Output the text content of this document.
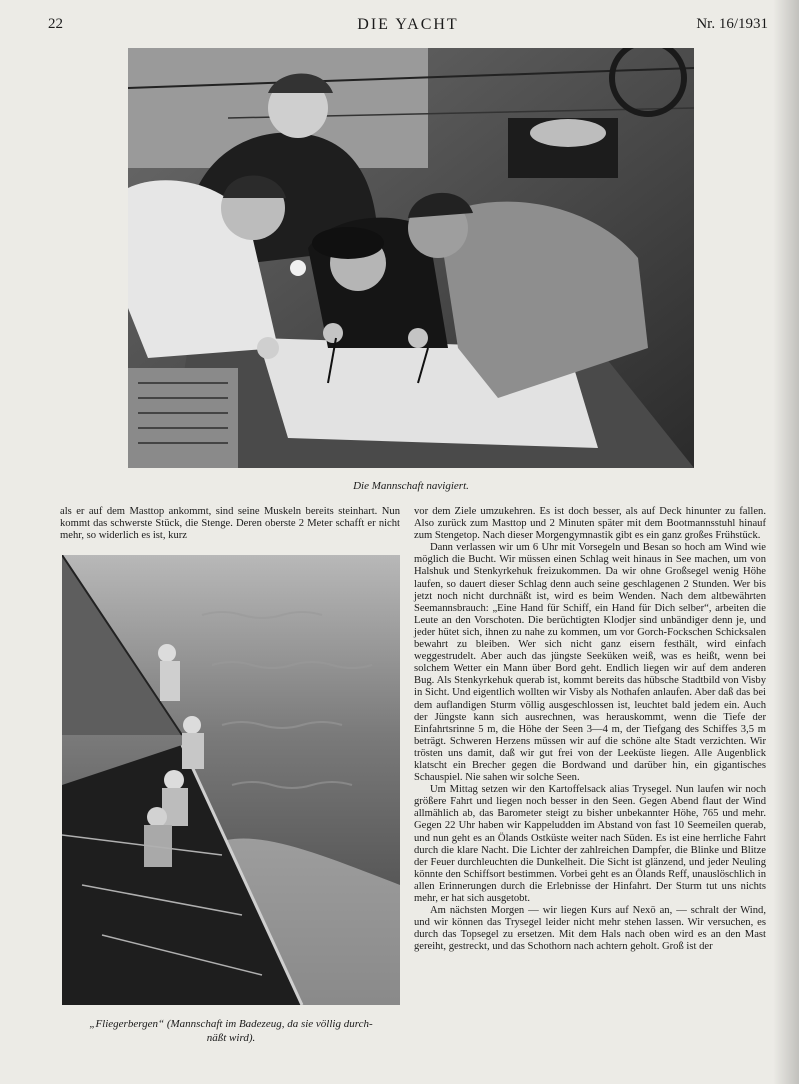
22	DIE YACHT	Nr. 16/1931
Die Mannschaft navigiert.

als er auf dem Masttop ankommt, sind seine Muskeln bereits steinhart. Nun kommt das schwerste Stück, die Stenge. Deren oberste 2 Meter schafft er nicht mehr, so widerlich es ist, kurz

„Fliegerbergen“ (Mannschaft im Badezeug, da sie völlig durch-
näßt wird).

vor dem Ziele umzukehren. Es ist doch besser, als auf Deck hinunter zu fallen. Also zurück zum Masttop und 2 Minuten später mit dem Bootmannsstuhl hinauf zum Stengetop. Nach dieser Morgengymnastik gibt es ein ganz großes Frühstück.

Dann verlassen wir um 6 Uhr mit Vorsegeln und Besan so hoch am Wind wie möglich die Bucht. Wir müssen einen Schlag weit hinaus in See machen, um von Halshuk und Stenkyrkehuk freizukommen. Da wir ohne Großsegel wenig Höhe laufen, so dauert dieser Schlag denn auch seine geschlagenen 2 Stunden. Wer bis jetzt noch nicht durchnäßt ist, wird es beim Wenden. Nach dem altbewährten Seemannsbrauch: „Eine Hand für Schiff, ein Hand für Dich selber“, arbeiten die Leute an den Vorschoten. Die berüchtigten Klodjer sind unbändiger denn je, und jeder hütet sich, ihnen zu nahe zu kommen, um vor Gorch-Fockschen Schicksalen bewahrt zu bleiben. Wer sich nicht ganz eisern festhält, wird einfach weggestrudelt. Aber auch das jüngste Seeküken weiß, was es heißt, wenn bei solchem Wetter ein Mann über Bord geht. Endlich liegen wir auf dem anderen Bug. Als Stenkyrkehuk querab ist, kommt bereits das hübsche Stadtbild von Visby in Sicht. Und eigentlich wollten wir Visby als Nothafen anlaufen. Aber daß das bei dem auflandigen Sturm völlig ausgeschlossen ist, leuchtet bald jedem ein. Auch der Jüngste kann sich ausrechnen, was herauskommt, wenn die Tiefe der Einfahrtsrinne 5 m, die Höhe der Seen 3—4 m, der Tiefgang des Schiffes 3,5 m beträgt. Schweren Herzens müssen wir auf die schöne alte Stadt verzichten. Wir trösten uns damit, daß wir gut frei von der Leeküste liegen. Alle Augenblick klatscht ein Brecher gegen die Bordwand und darüber hin, ein gigantisches Schauspiel. Nie sahen wir solche Seen.

Um Mittag setzen wir den Kartoffelsack alias Trysegel. Nun laufen wir noch größere Fahrt und liegen noch besser in den Seen. Gegen Abend flaut der Wind allmählich ab, das Barometer steigt zu bisher unbekannter Höhe, 765 und mehr. Gegen 22 Uhr haben wir Kappeludden im Abstand von fast 10 Seemeilen querab, und nun geht es an Ölands Ostküste weiter nach Süden. Es ist eine herrliche Fahrt durch die klare Nacht. Die Lichter der zahlreichen Dampfer, die Blinke und Blitze der Feuer durchleuchten die Dunkelheit. Die Sicht ist glänzend, und jeder Neuling könnte den Schiffsort bestimmen. Vorbei geht es an Ölands Reff, unauslöschlich in allen Erinnerungen durch die Erlebnisse der Hinfahrt. Der Sturm tut uns nichts mehr, er hat sich ausgetobt.

Am nächsten Morgen — wir liegen Kurs auf Nexö an, — schralt der Wind, und wir können das Trysegel leider nicht mehr stehen lassen. Wir versuchen, es durch das Topsegel zu ersetzen. Mit dem Hals nach oben wird es an den Mast gereiht, gestreckt, und das Schothorn nach achtern geholt. Groß ist der
